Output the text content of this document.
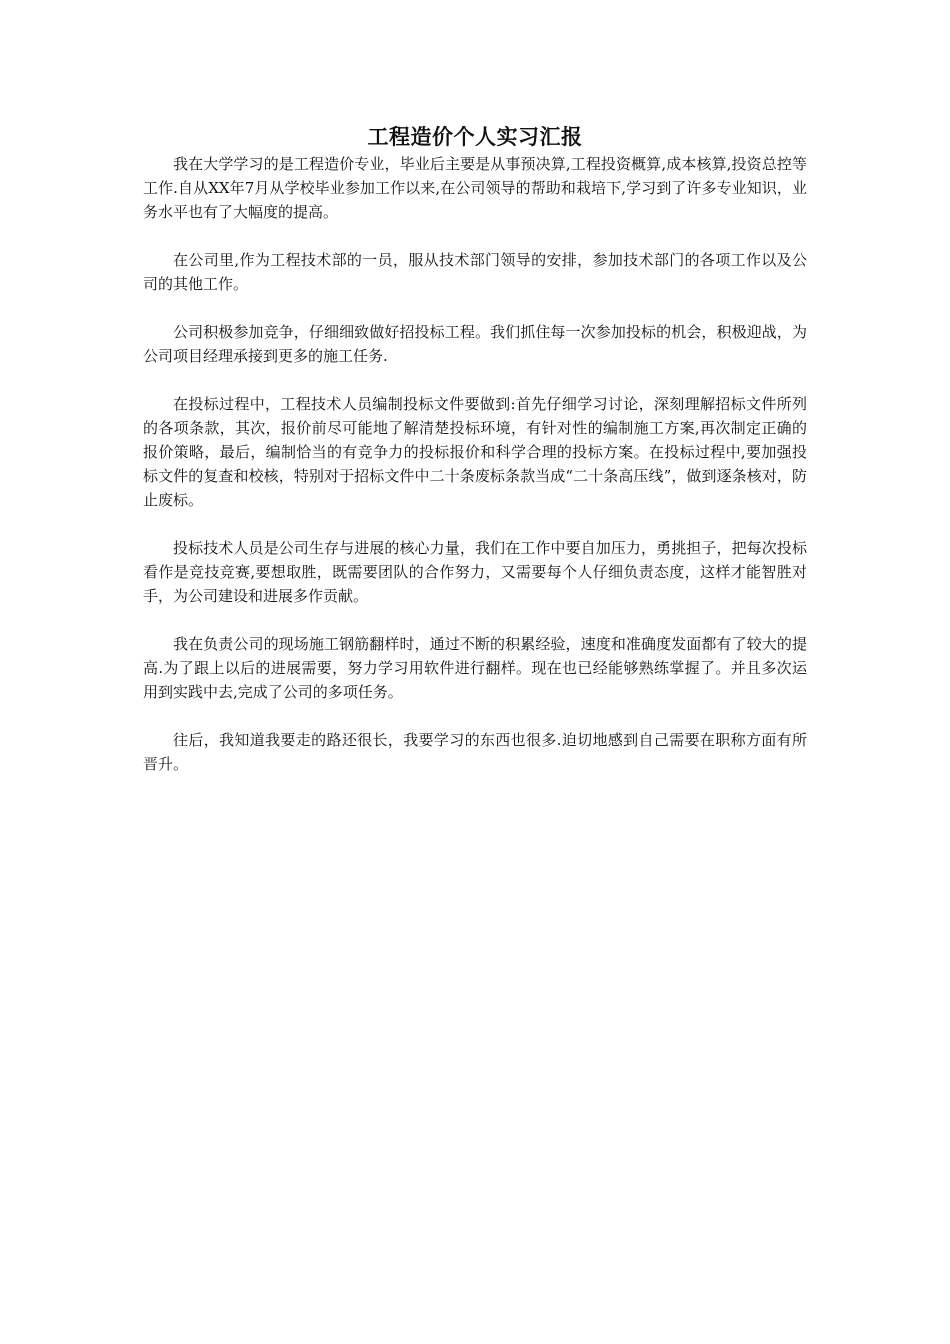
工程造价个人实习汇报

我在大学学习的是工程造价专业，毕业后主要是从事预决算,工程投资概算,成本核算,投资总控等工作.自从XX年7月从学校毕业参加工作以来,在公司领导的帮助和栽培下,学习到了许多专业知识，业务水平也有了大幅度的提高。

在公司里,作为工程技术部的一员，服从技术部门领导的安排，参加技术部门的各项工作以及公司的其他工作。

公司积极参加竞争，仔细细致做好招投标工程。我们抓住每一次参加投标的机会，积极迎战，为公司项目经理承接到更多的施工任务.

在投标过程中，工程技术人员编制投标文件要做到:首先仔细学习讨论，深刻理解招标文件所列的各项条款，其次，报价前尽可能地了解清楚投标环境，有针对性的编制施工方案,再次制定正确的报价策略，最后，编制恰当的有竞争力的投标报价和科学合理的投标方案。在投标过程中,要加强投标文件的复查和校核，特别对于招标文件中二十条废标条款当成“二十条高压线”，做到逐条核对，防止废标。

投标技术人员是公司生存与进展的核心力量，我们在工作中要自加压力，勇挑担子，把每次投标看作是竞技竞赛,要想取胜，既需要团队的合作努力，又需要每个人仔细负责态度，这样才能智胜对手，为公司建设和进展多作贡献。

我在负责公司的现场施工钢筋翻样时，通过不断的积累经验，速度和准确度发面都有了较大的提高.为了跟上以后的进展需要，努力学习用软件进行翻样。现在也已经能够熟练掌握了。并且多次运用到实践中去,完成了公司的多项任务。

往后，我知道我要走的路还很长，我要学习的东西也很多.迫切地感到自己需要在职称方面有所晋升。
